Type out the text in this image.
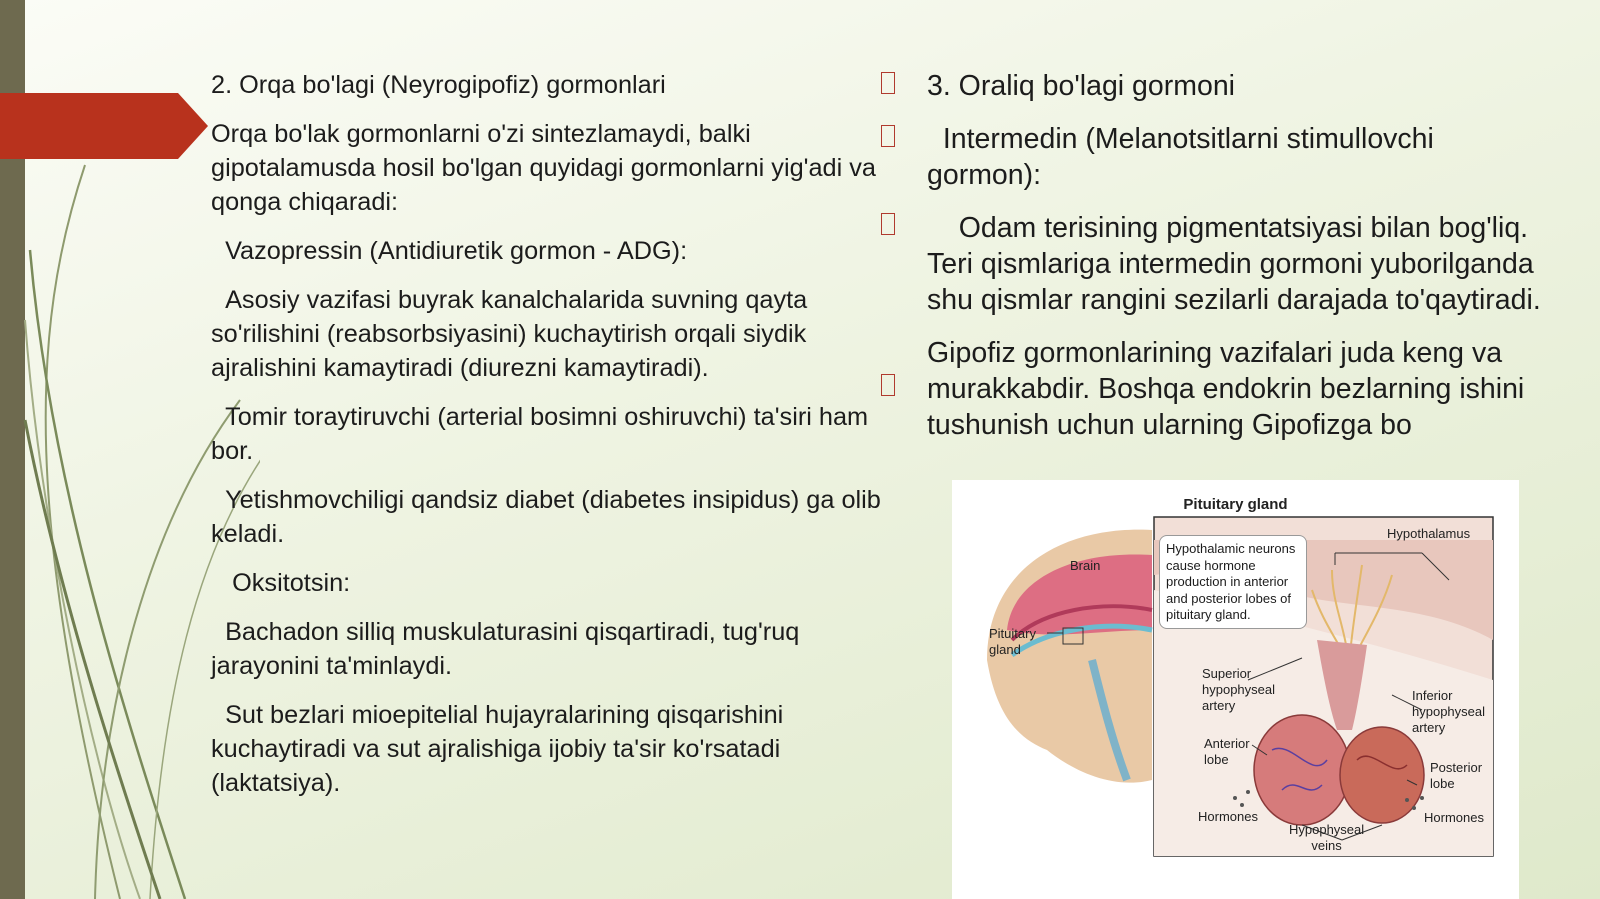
2. Orqa bo'lagi (Neyrogipofiz) gormonlari

Orqa bo'lak gormonlarni o'zi sintezlamaydi, balki gipotalamusda hosil bo'lgan quyidagi gormonlarni yig'adi va qonga chiqaradi:

Vazopressin (Antidiuretik gormon - ADG):

Asosiy vazifasi buyrak kanalchalarida suvning qayta so'rilishini (reabsorbsiyasini) kuchaytirish orqali siydik ajralishini kamaytiradi (diurezni kamaytiradi).

Tomir toraytiruvchi (arterial bosimni oshiruvchi) ta'siri ham bor.

Yetishmovchiligi qandsiz diabet (diabetes insipidus) ga olib keladi.

Oksitotsin:

Bachadon silliq muskulaturasini qisqartiradi, tug'ruq jarayonini ta'minlaydi.

Sut bezlari mioepitelial hujayralarining qisqarishini kuchaytiradi va sut ajralishiga ijobiy ta'sir ko'rsatadi (laktatsiya).

3. Oraliq bo'lagi gormoni

Intermedin (Melanotsitlarni stimullovchi gormon):

Odam terisining pigmentatsiyasi bilan bog'liq. Teri qismlariga intermedin gormoni yuborilganda shu qismlar rangini sezilarli darajada to'qaytiradi.

Gipofiz gormonlarining vazifalari juda keng va murakkabdir. Boshqa endokrin bezlarning ishini tushunish uchun ularning Gipofizga bo

Pituitary gland
Brain
Pituitary
gland
Hypothalamus
Hypothalamic neurons
cause hormone
production in anterior
and posterior lobes of
pituitary gland.
Superior
hypophyseal
artery
Inferior
hypophyseal
artery
Anterior
lobe
Posterior
lobe
Hormones	Hormones
Hypophyseal
veins
